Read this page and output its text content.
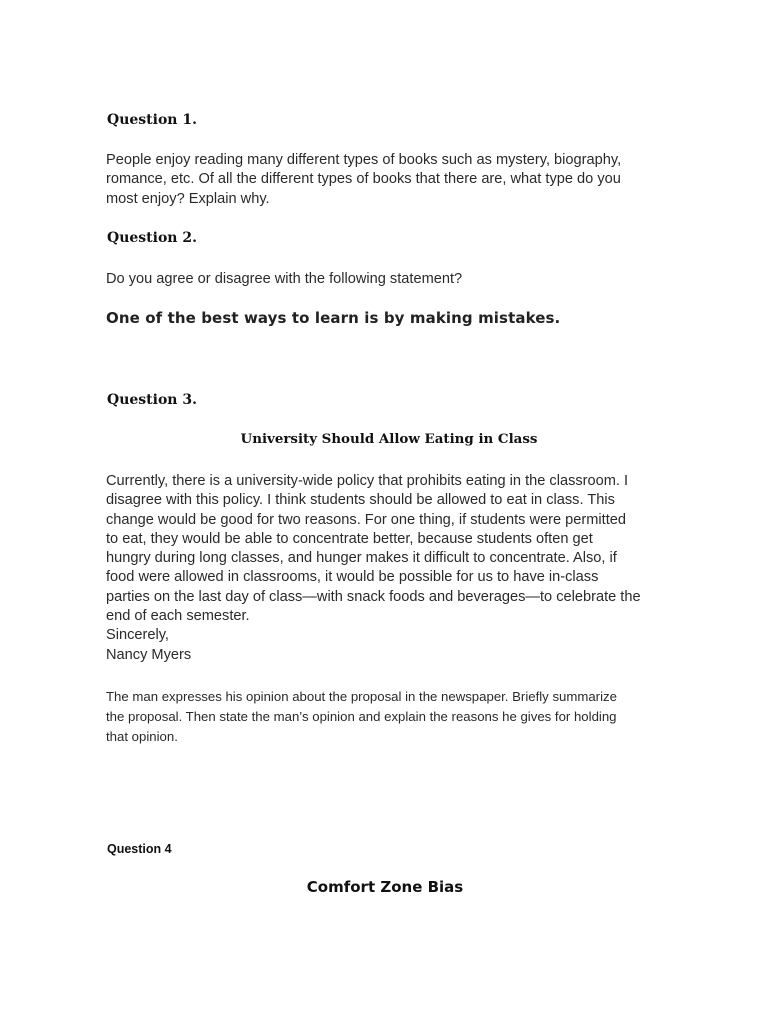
Question 1.

People enjoy reading many different types of books such as mystery, biography,
romance, etc. Of all the different types of books that there are, what type do you
most enjoy? Explain why.

Question 2.

Do you agree or disagree with the following statement?

One of the best ways to learn is by making mistakes.

Question 3.
University Should Allow Eating in Class

Currently, there is a university-wide policy that prohibits eating in the classroom. I
disagree with this policy. I think students should be allowed to eat in class. This
change would be good for two reasons. For one thing, if students were permitted
to eat, they would be able to concentrate better, because students often get
hungry during long classes, and hunger makes it difficult to concentrate. Also, if
food were allowed in classrooms, it would be possible for us to have in-class
parties on the last day of class—with snack foods and beverages—to celebrate the
end of each semester.
Sincerely,
Nancy Myers

The man expresses his opinion about the proposal in the newspaper. Briefly summarize
the proposal. Then state the man’s opinion and explain the reasons he gives for holding
that opinion.

Question 4
Comfort Zone Bias
